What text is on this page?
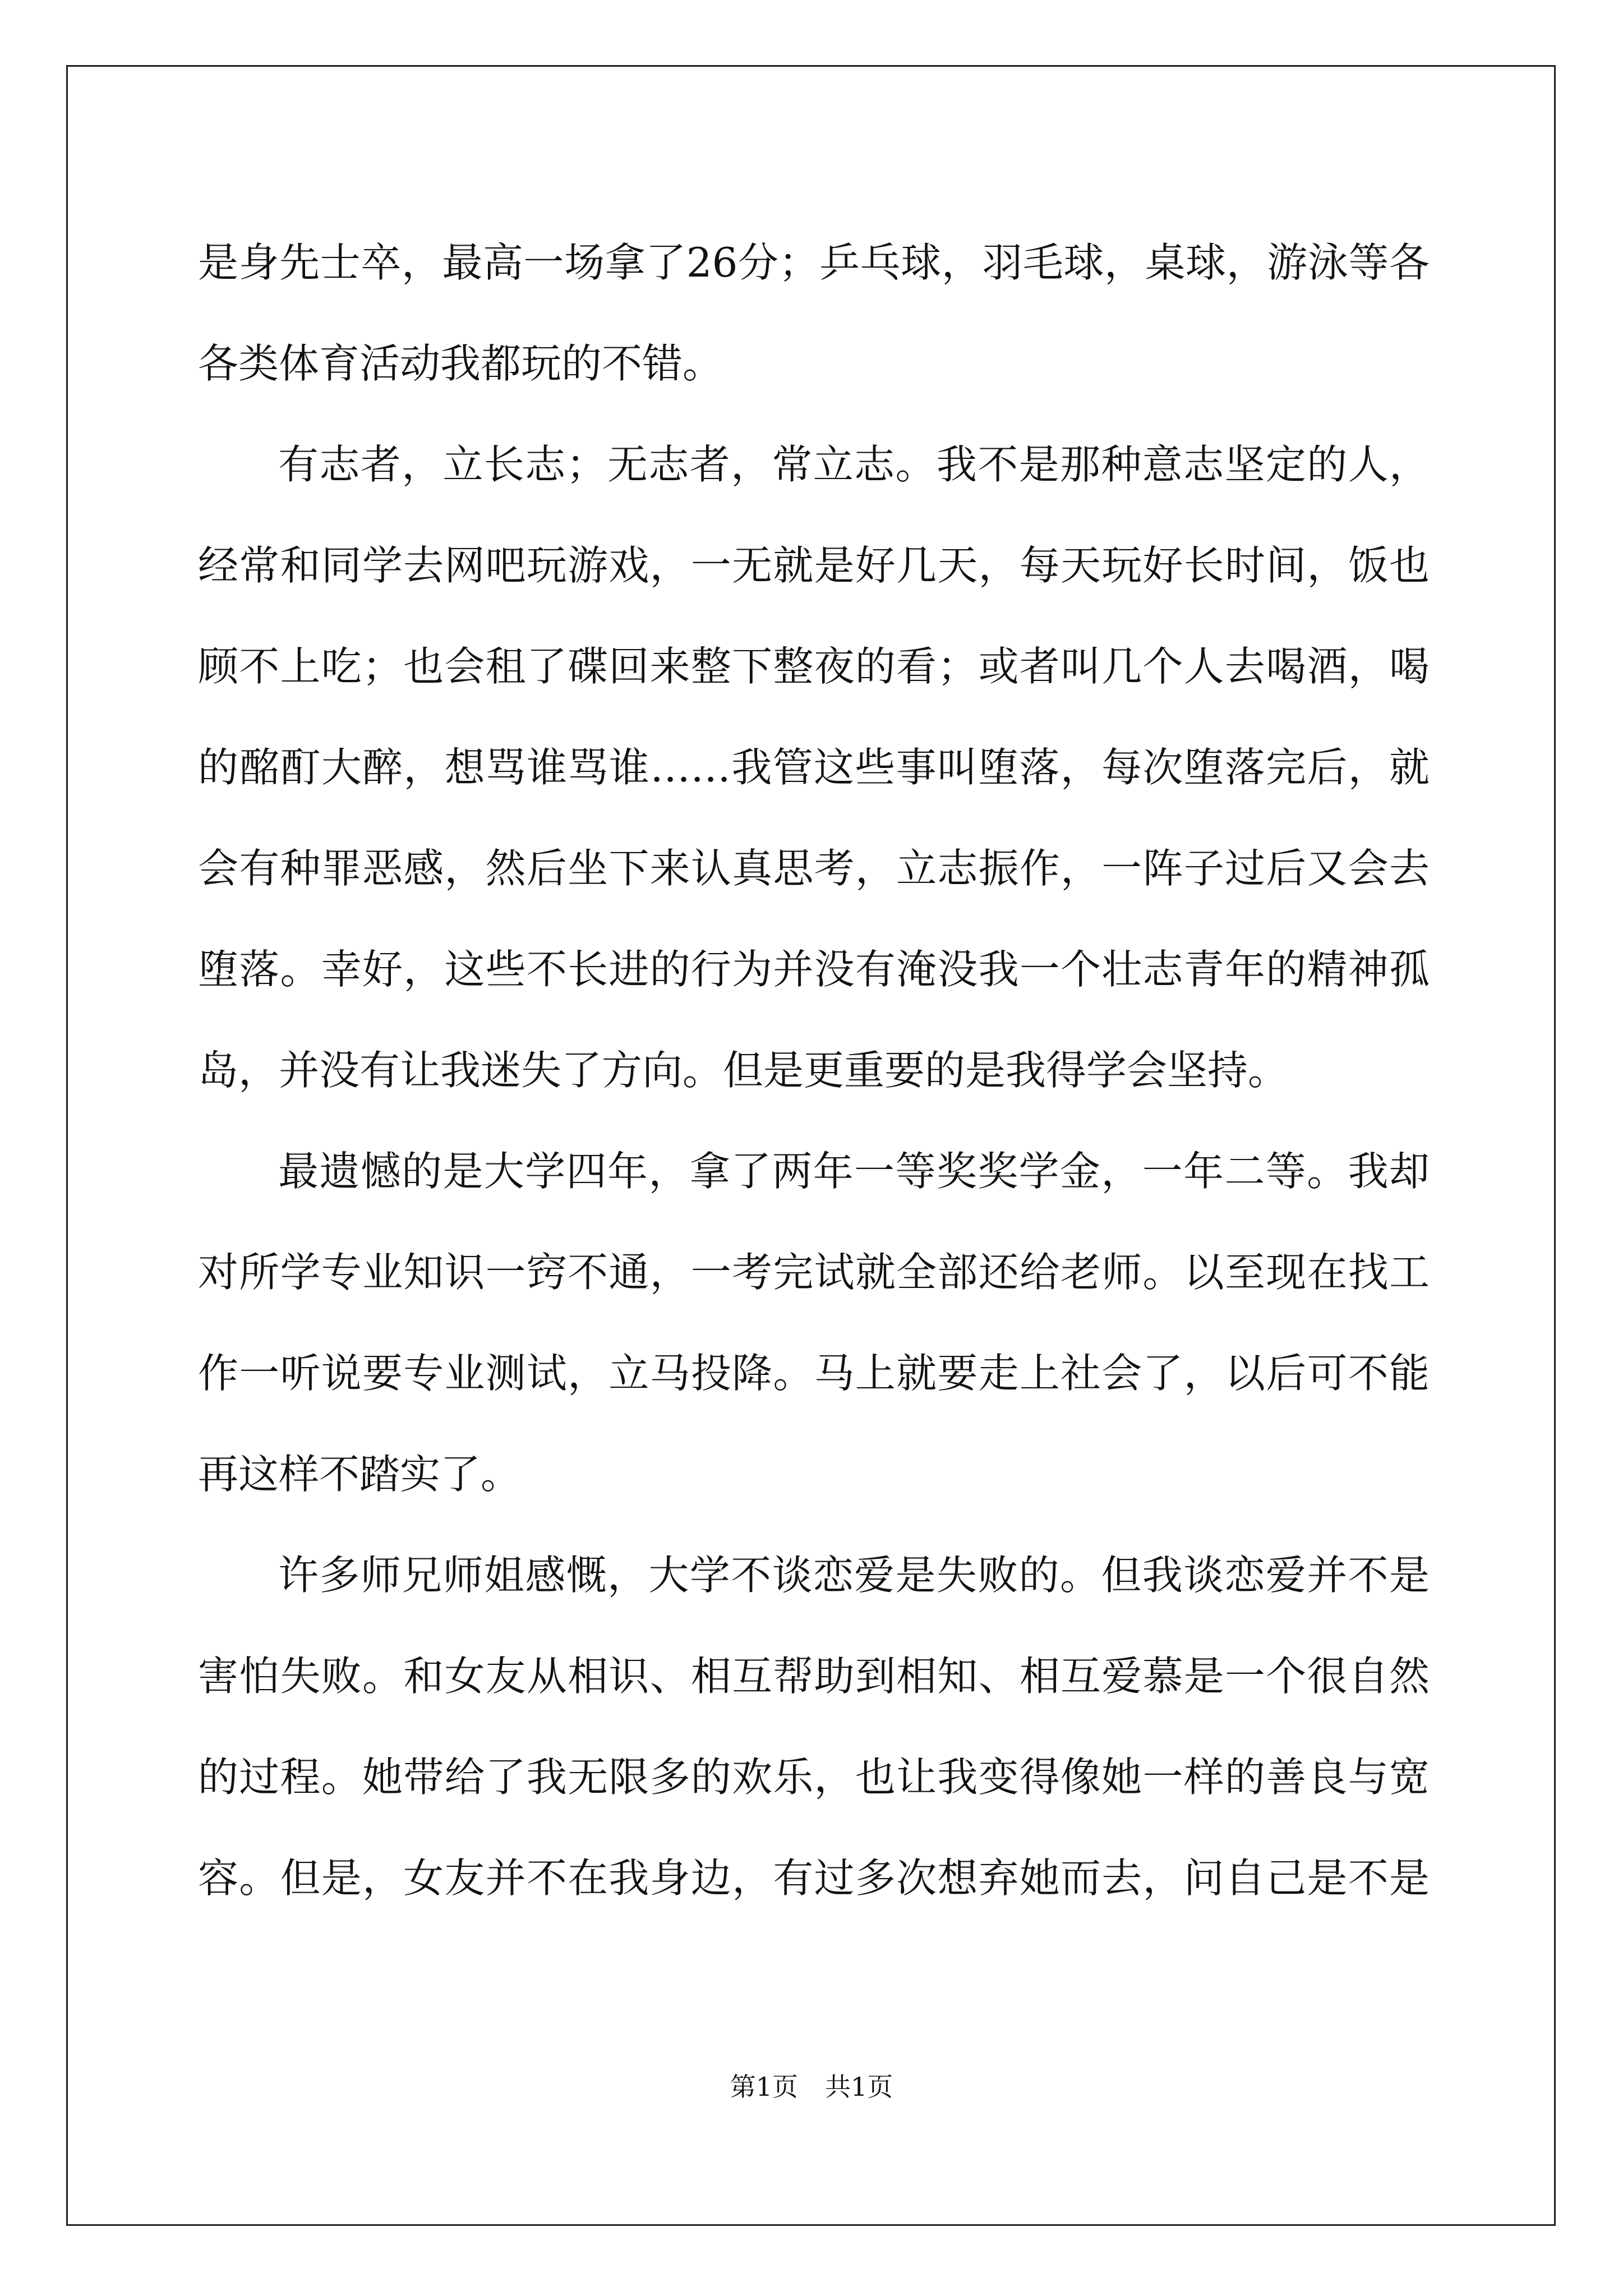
是身先士卒，最高一场拿了26分；乒乓球，羽毛球，桌球，游泳等各
各类体育活动我都玩的不错。
有志者，立长志；无志者，常立志。我不是那种意志坚定的人，
经常和同学去网吧玩游戏，一无就是好几天，每天玩好长时间，饭也
顾不上吃；也会租了碟回来整下整夜的看；或者叫几个人去喝酒，喝
的酩酊大醉，想骂谁骂谁……我管这些事叫堕落，每次堕落完后，就
会有种罪恶感，然后坐下来认真思考，立志振作，一阵子过后又会去
堕落。幸好，这些不长进的行为并没有淹没我一个壮志青年的精神孤
岛，并没有让我迷失了方向。但是更重要的是我得学会坚持。
最遗憾的是大学四年，拿了两年一等奖奖学金，一年二等。我却
对所学专业知识一窍不通，一考完试就全部还给老师。以至现在找工
作一听说要专业测试，立马投降。马上就要走上社会了，以后可不能
再这样不踏实了。
许多师兄师姐感慨，大学不谈恋爱是失败的。但我谈恋爱并不是
害怕失败。和女友从相识、相互帮助到相知、相互爱慕是一个很自然
的过程。她带给了我无限多的欢乐，也让我变得像她一样的善良与宽
容。但是，女友并不在我身边，有过多次想弃她而去，问自己是不是
第1页 共1页
